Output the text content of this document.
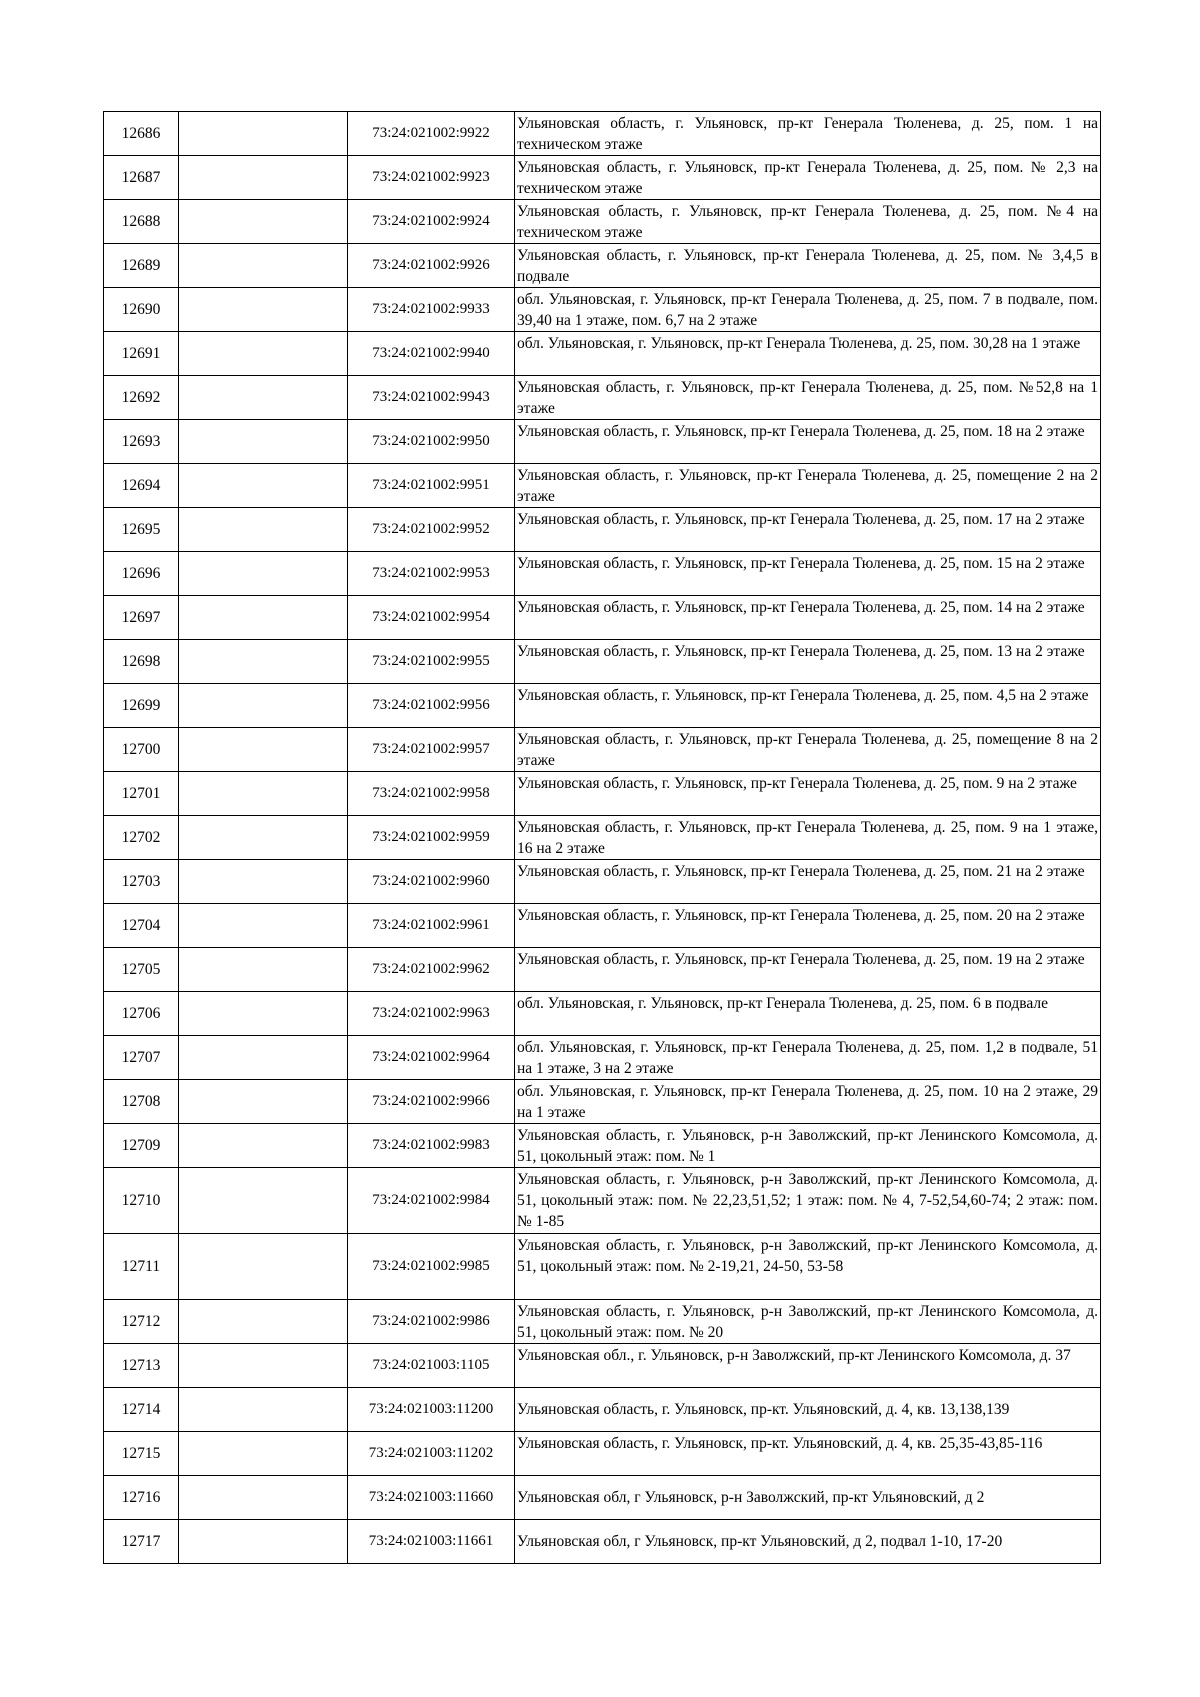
12686		73:24:021002:9922	Ульяновская область, г. Ульяновск, пр-кт Генерала Тюленева, д. 25, пом. 1 на техническом этаже
12687		73:24:021002:9923	Ульяновская область, г. Ульяновск, пр-кт Генерала Тюленева, д. 25, пом. № 2,3 на техническом этаже
12688		73:24:021002:9924	Ульяновская область, г. Ульяновск, пр-кт Генерала Тюленева, д. 25, пом. №4 на техническом этаже
12689		73:24:021002:9926	Ульяновская область, г. Ульяновск, пр-кт Генерала Тюленева, д. 25, пом. № 3,4,5 в подвале
12690		73:24:021002:9933	обл. Ульяновская, г. Ульяновск, пр-кт Генерала Тюленева, д. 25, пом. 7 в подвале, пом. 39,40 на 1 этаже, пом. 6,7 на 2 этаже
12691		73:24:021002:9940	обл. Ульяновская, г. Ульяновск, пр-кт Генерала Тюленева, д. 25, пом. 30,28 на 1 этаже
12692		73:24:021002:9943	Ульяновская область, г. Ульяновск, пр-кт Генерала Тюленева, д. 25, пом. №52,8 на 1 этаже
12693		73:24:021002:9950	Ульяновская область, г. Ульяновск, пр-кт Генерала Тюленева, д. 25, пом. 18 на 2 этаже
12694		73:24:021002:9951	Ульяновская область, г. Ульяновск, пр-кт Генерала Тюленева, д. 25, помещение 2 на 2 этаже
12695		73:24:021002:9952	Ульяновская область, г. Ульяновск, пр-кт Генерала Тюленева, д. 25, пом. 17 на 2 этаже
12696		73:24:021002:9953	Ульяновская область, г. Ульяновск, пр-кт Генерала Тюленева, д. 25, пом. 15 на 2 этаже
12697		73:24:021002:9954	Ульяновская область, г. Ульяновск, пр-кт Генерала Тюленева, д. 25, пом. 14 на 2 этаже
12698		73:24:021002:9955	Ульяновская область, г. Ульяновск, пр-кт Генерала Тюленева, д. 25, пом. 13 на 2 этаже
12699		73:24:021002:9956	Ульяновская область, г. Ульяновск, пр-кт Генерала Тюленева, д. 25, пом. 4,5 на 2 этаже
12700		73:24:021002:9957	Ульяновская область, г. Ульяновск, пр-кт Генерала Тюленева, д. 25, помещение 8 на 2 этаже
12701		73:24:021002:9958	Ульяновская область, г. Ульяновск, пр-кт Генерала Тюленева, д. 25, пом. 9 на 2 этаже
12702		73:24:021002:9959	Ульяновская область, г. Ульяновск, пр-кт Генерала Тюленева, д. 25, пом. 9 на 1 этаже, 16 на 2 этаже
12703		73:24:021002:9960	Ульяновская область, г. Ульяновск, пр-кт Генерала Тюленева, д. 25, пом. 21 на 2 этаже
12704		73:24:021002:9961	Ульяновская область, г. Ульяновск, пр-кт Генерала Тюленева, д. 25, пом. 20 на 2 этаже
12705		73:24:021002:9962	Ульяновская область, г. Ульяновск, пр-кт Генерала Тюленева, д. 25, пом. 19 на 2 этаже
12706		73:24:021002:9963	обл. Ульяновская, г. Ульяновск, пр-кт Генерала Тюленева, д. 25, пом. 6 в подвале
12707		73:24:021002:9964	обл. Ульяновская, г. Ульяновск, пр-кт Генерала Тюленева, д. 25, пом. 1,2 в подвале, 51 на 1 этаже, 3 на 2 этаже
12708		73:24:021002:9966	обл. Ульяновская, г. Ульяновск, пр-кт Генерала Тюленева, д. 25, пом. 10 на 2 этаже, 29 на 1 этаже
12709		73:24:021002:9983	Ульяновская область, г. Ульяновск, р-н Заволжский, пр-кт Ленинского Комсомола, д. 51, цокольный этаж: пом. № 1
12710		73:24:021002:9984	Ульяновская область, г. Ульяновск, р-н Заволжский, пр-кт Ленинского Комсомола, д. 51, цокольный этаж: пом. № 22,23,51,52; 1 этаж: пом. № 4, 7-52,54,60-74; 2 этаж: пом. № 1-85
12711		73:24:021002:9985	Ульяновская область, г. Ульяновск, р-н Заволжский, пр-кт Ленинского Комсомола, д. 51, цокольный этаж: пом. № 2-19,21, 24-50, 53-58
12712		73:24:021002:9986	Ульяновская область, г. Ульяновск, р-н Заволжский, пр-кт Ленинского Комсомола, д. 51, цокольный этаж: пом. № 20
12713		73:24:021003:1105	Ульяновская обл., г. Ульяновск, р-н Заволжский, пр-кт Ленинского Комсомола, д. 37
12714		73:24:021003:11200	Ульяновская область, г. Ульяновск, пр-кт. Ульяновский, д. 4, кв. 13,138,139
12715		73:24:021003:11202	Ульяновская область, г. Ульяновск, пр-кт. Ульяновский, д. 4, кв. 25,35-43,85-116
12716		73:24:021003:11660	Ульяновская обл, г Ульяновск, р-н Заволжский, пр-кт Ульяновский, д 2
12717		73:24:021003:11661	Ульяновская обл, г Ульяновск, пр-кт Ульяновский, д 2, подвал 1-10, 17-20
